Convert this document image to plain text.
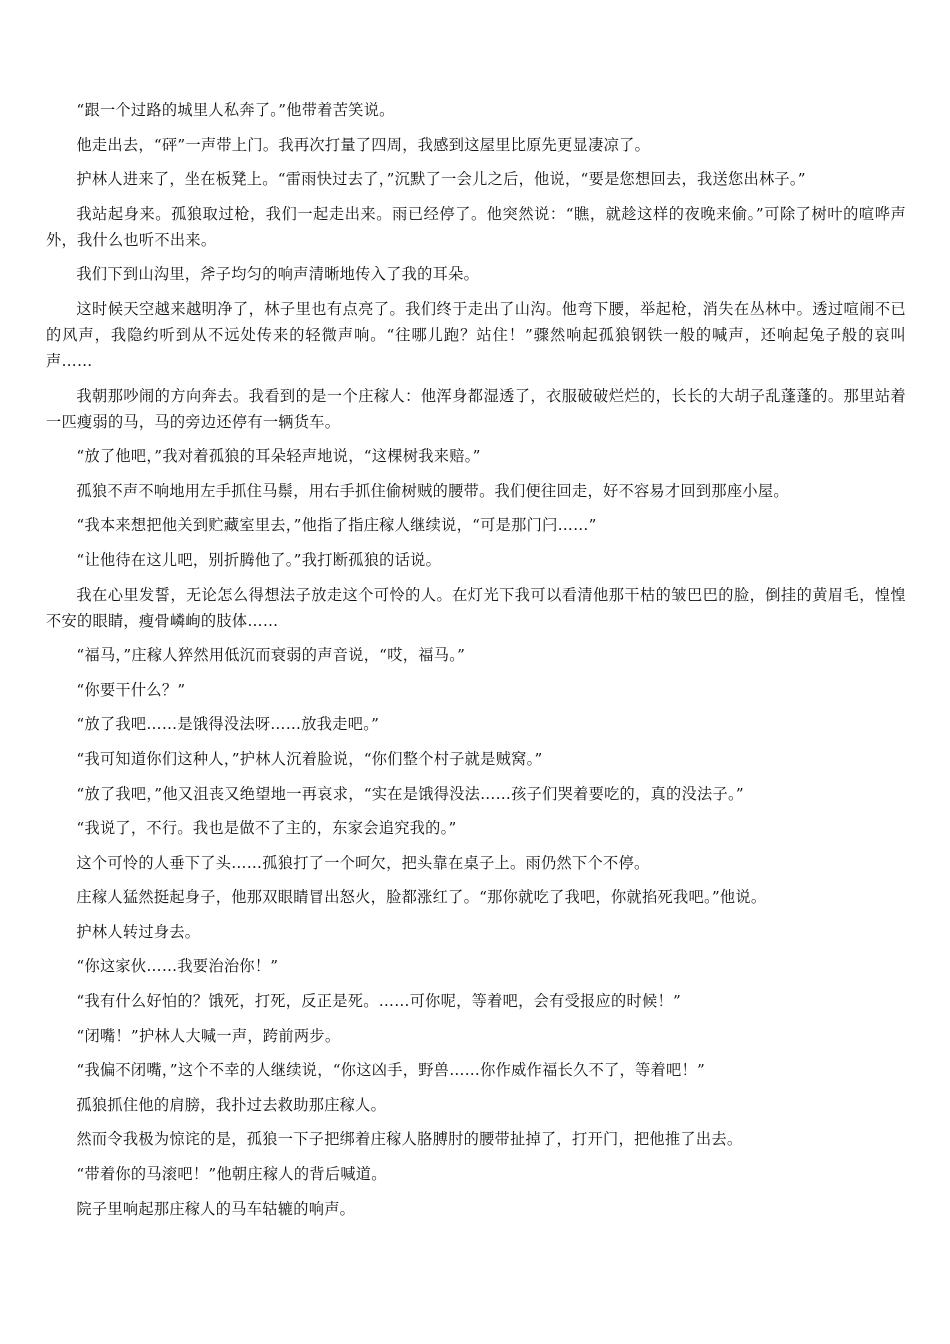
“跟一个过路的城里人私奔了。”他带着苦笑说。

他走出去，“砰”一声带上门。我再次打量了四周，我感到这屋里比原先更显凄凉了。

护林人进来了，坐在板凳上。“雷雨快过去了，”沉默了一会儿之后，他说，“要是您想回去，我送您出林子。”

我站起身来。孤狼取过枪，我们一起走出来。雨已经停了。他突然说：“瞧，就趁这样的夜晚来偷。”可除了树叶的喧哗声外，我什么也听不出来。

我们下到山沟里，斧子均匀的响声清晰地传入了我的耳朵。

这时候天空越来越明净了，林子里也有点亮了。我们终于走出了山沟。他弯下腰，举起枪，消失在丛林中。透过喧闹不已的风声，我隐约听到从不远处传来的轻微声响。“往哪儿跑？站住！”骤然响起孤狼钢铁一般的喊声，还响起兔子般的哀叫声……

我朝那吵闹的方向奔去。我看到的是一个庄稼人：他浑身都湿透了，衣服破破烂烂的，长长的大胡子乱蓬蓬的。那里站着一匹瘦弱的马，马的旁边还停有一辆货车。

“放了他吧，”我对着孤狼的耳朵轻声地说，“这棵树我来赔。”

孤狼不声不响地用左手抓住马鬃，用右手抓住偷树贼的腰带。我们便往回走，好不容易才回到那座小屋。

“我本来想把他关到贮藏室里去，”他指了指庄稼人继续说，“可是那门闩……”

“让他待在这儿吧，别折腾他了。”我打断孤狼的话说。

我在心里发誓，无论怎么得想法子放走这个可怜的人。在灯光下我可以看清他那干枯的皱巴巴的脸，倒挂的黄眉毛，惶惶不安的眼睛，瘦骨嶙峋的肢体……

“福马，”庄稼人猝然用低沉而衰弱的声音说，“哎，福马。”

“你要干什么？”

“放了我吧……是饿得没法呀……放我走吧。”

“我可知道你们这种人，”护林人沉着脸说，“你们整个村子就是贼窝。”

“放了我吧，”他又沮丧又绝望地一再哀求，“实在是饿得没法……孩子们哭着要吃的，真的没法子。”

“我说了，不行。我也是做不了主的，东家会追究我的。”

这个可怜的人垂下了头……孤狼打了一个呵欠，把头靠在桌子上。雨仍然下个不停。

庄稼人猛然挺起身子，他那双眼睛冒出怒火，脸都涨红了。“那你就吃了我吧，你就掐死我吧。”他说。

护林人转过身去。

“你这家伙……我要治治你！”

“我有什么好怕的？饿死，打死，反正是死。……可你呢，等着吧，会有受报应的时候！”

“闭嘴！”护林人大喊一声，跨前两步。

“我偏不闭嘴，”这个不幸的人继续说，“你这凶手，野兽……你作威作福长久不了，等着吧！”

孤狼抓住他的肩膀，我扑过去救助那庄稼人。

然而令我极为惊诧的是，孤狼一下子把绑着庄稼人胳膊肘的腰带扯掉了，打开门，把他推了出去。

“带着你的马滚吧！”他朝庄稼人的背后喊道。

院子里响起那庄稼人的马车轱辘的响声。
